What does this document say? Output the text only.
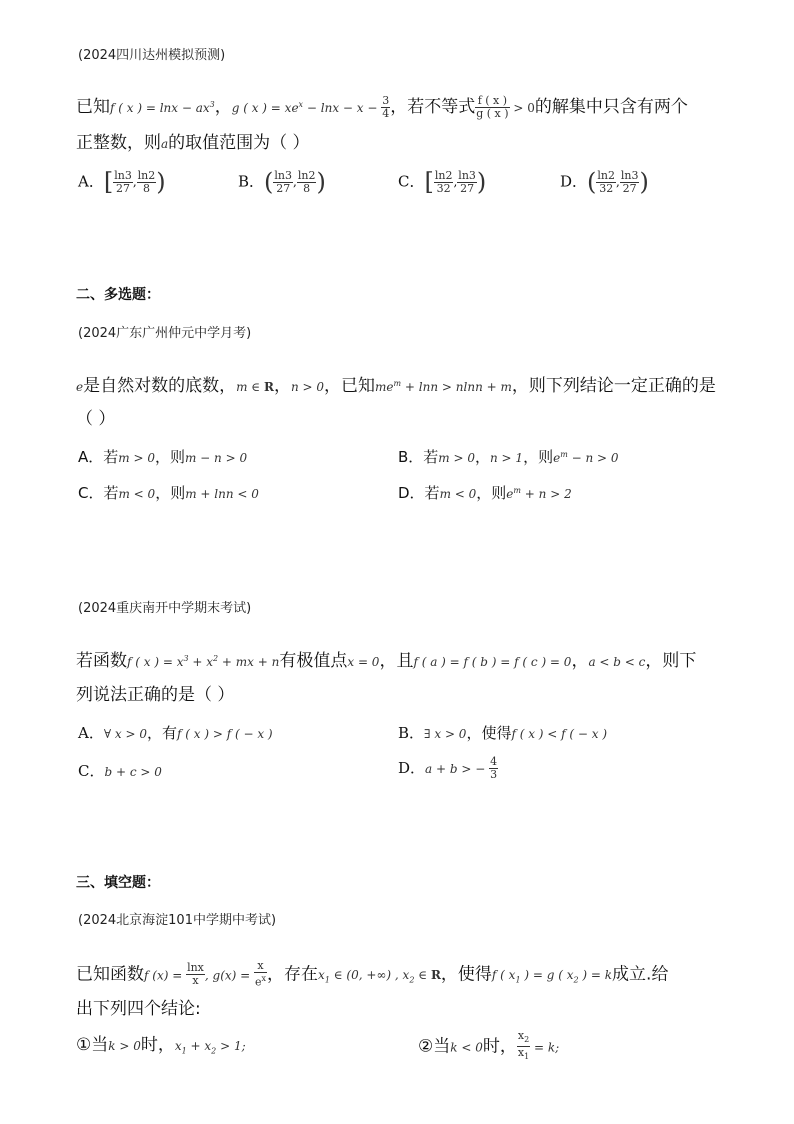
(2024四川达州模拟预测)
已知f ( x ) = $\ln x - ax^3$，g ( x ) = $xe^x - \ln x - x - \frac{3}{4}$ ，若不等式 $\frac{f ( x )}{g ( x )} > 0$的解集中只含有两个
正整数，则a的取值范围为（ ）
A．[ $\frac{\ln 3}{27}$ , $\frac{\ln 2}{8}$ )	B．( $\frac{\ln 3}{27}$ , $\frac{\ln 2}{8}$ )	C．[ $\frac{\ln 2}{32}$ , $\frac{\ln 3}{27}$ )	D．( $\frac{\ln 2}{32}$ , $\frac{\ln 3}{27}$ )
二、多选题：
(2024广东广州仲元中学月考)
e是自然对数的底数，m ∈ R，n > 0，已知$me^m + \ln n > nlnn + m$，则下列结论一定正确的是
（ ）
A．若m > 0，则m − n > 0	B．若m > 0，n > 1，则$e^m - n > 0$
C．若m < 0，则m + lnn < 0	D．若m < 0，则$e^m + n > 2$
(2024重庆南开中学期末考试)
若函数f ( x ) = $x^3 + x^2$ + mx + n有极值点x = 0，且f ( a ) = f ( b ) = f ( c ) = 0，a < b < c，则下
列说法正确的是（ ）
A．∀ x > 0，有f ( x ) > f ( − x )	B．∃ x > 0，使得f ( x ) < f ( − x )
C．b + c > 0	D．a + b > − $\frac{4}{3}$
三、填空题：
(2024北京海淀101中学期中考试)
已知函数f $(x) = \frac{\ln x}{x}$ , $g(x) = \frac{x}{e^x}$ ，存在$x_1$ ∈ (0, +∞) , $x_2$ ∈ R，使得f ( $x_1$ ) = g ( $x_2$ ) = k成立.给
出下列四个结论:
①当k > 0时，$x_1 + x_2 > 1$;	②当k < 0时， $\frac{x_2}{x_1} = k$;
